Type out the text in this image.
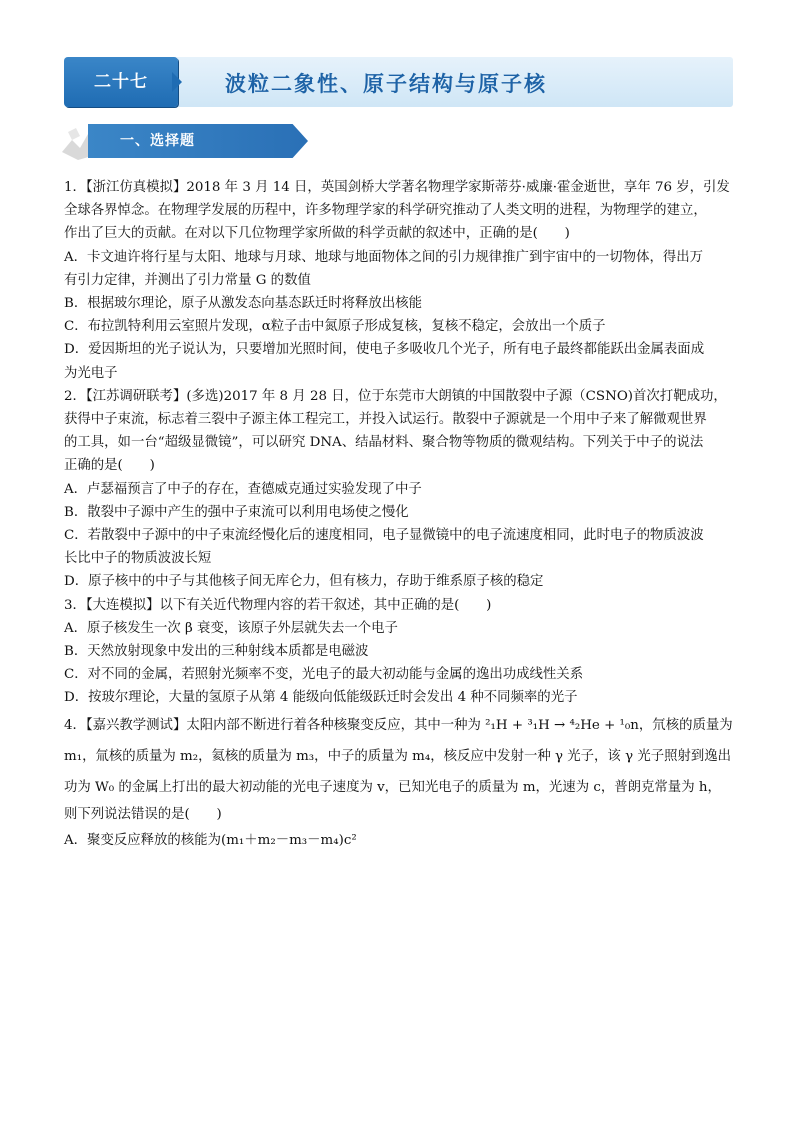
二十七	波粒二象性、原子结构与原子核
一、选择题

1．【浙江仿真模拟】2018 年 3 月 14 日，英国剑桥大学著名物理学家斯蒂芬·威廉·霍金逝世，享年 76 岁，引发

全球各界悼念。在物理学发展的历程中，许多物理学家的科学研究推动了人类文明的进程，为物理学的建立，

作出了巨大的贡献。在对以下几位物理学家所做的科学贡献的叙述中，正确的是(　　)

A．卡文迪许将行星与太阳、地球与月球、地球与地面物体之间的引力规律推广到宇宙中的一切物体，得出万

有引力定律，并测出了引力常量 G 的数值

B．根据玻尔理论，原子从激发态向基态跃迁时将释放出核能

C．布拉凯特利用云室照片发现，α粒子击中氮原子形成复核，复核不稳定，会放出一个质子

D．爱因斯坦的光子说认为，只要增加光照时间，使电子多吸收几个光子，所有电子最终都能跃出金属表面成

为光电子

2．【江苏调研联考】(多选)2017 年 8 月 28 日，位于东莞市大朗镇的中国散裂中子源（CSNO)首次打靶成功，

获得中子束流，标志着三裂中子源主体工程完工，并投入试运行。散裂中子源就是一个用中子来了解微观世界

的工具，如一台“超级显微镜”，可以研究 DNA、结晶材料、聚合物等物质的微观结构。下列关于中子的说法

正确的是(　　)

A．卢瑟福预言了中子的存在，查德威克通过实验发现了中子

B．散裂中子源中产生的强中子束流可以利用电场使之慢化

C．若散裂中子源中的中子束流经慢化后的速度相同，电子显微镜中的电子流速度相同，此时电子的物质波波

长比中子的物质波波长短

D．原子核中的中子与其他核子间无库仑力，但有核力，存助于维系原子核的稳定

3．【大连模拟】以下有关近代物理内容的若干叙述，其中正确的是(　　)

A．原子核发生一次 β 衰变，该原子外层就失去一个电子

B．天然放射现象中发出的三种射线本质都是电磁波

C．对不同的金属，若照射光频率不变，光电子的最大初动能与金属的逸出功成线性关系

D．按玻尔理论，大量的氢原子从第 4 能级向低能级跃迁时会发出 4 种不同频率的光子

4．【嘉兴教学测试】太阳内部不断进行着各种核聚变反应，其中一种为 ²₁H + ³₁H → ⁴₂He + ¹₀n，氘核的质量为

m₁，氚核的质量为 m₂，氦核的质量为 m₃，中子的质量为 m₄，核反应中发射一种 γ 光子，该 γ 光子照射到逸出

功为 W₀ 的金属上打出的最大初动能的光电子速度为 v，已知光电子的质量为 m，光速为 c，普朗克常量为 h，

则下列说法错误的是(　　)

A．聚变反应释放的核能为(m₁＋m₂－m₃－m₄)c²
